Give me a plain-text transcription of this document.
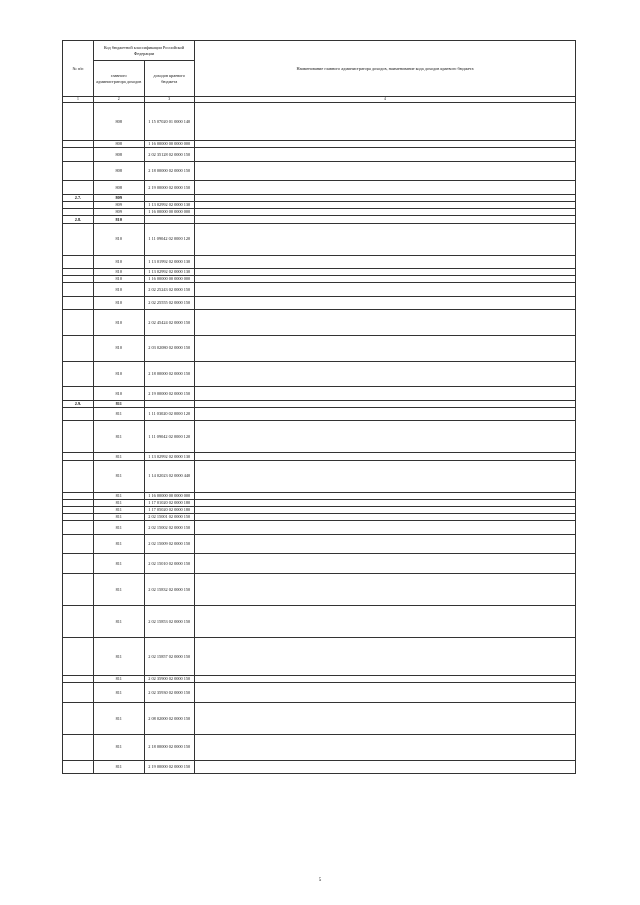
№ п/п	Код бюджетной классификации Российской Федерации		Наименование главного администратора доходов, наименование кода доходов краевого бюджета
	главного администратора доходов	доходов краевого бюджета	
1	2	3	4
	808	1 15 07020 01 0000 140	
	808	1 16 00000 00 0000 000	
	808	2 02 35128 02 0000 150	
	808	2 18 00000 02 0000 150	
	808	2 19 00000 02 0000 150	
2.7.	809		
	809	1 13 02992 02 0000 130	
	809	1 16 00000 00 0000 000	
2.8.	810		
	810	1 11 09042 02 0000 120	
	810	1 13 01992 02 0000 130	
	810	1 13 02992 02 0000 130	
	810	1 16 00000 00 0000 000	
	810	2 02 25243 02 0000 150	
	810	2 02 25555 02 0000 150	
	810	2 02 45424 02 0000 150	
	810	2 03 02080 02 0000 150	
	810	2 18 00000 02 0000 150	
	810	2 19 00000 02 0000 150	
2.9.	811		
	811	1 11 03020 02 0000 120	
	811	1 11 09042 02 0000 120	
	811	1 13 02992 02 0000 130	
	811	1 14 02023 02 0000 440	
	811	1 16 00000 00 0000 000	
	811	1 17 01020 02 0000 180	
	811	1 17 05020 02 0000 180	
	811	2 02 15001 02 0000 150	
	811	2 02 15002 02 0000 150	
	811	2 02 15009 02 0000 150	
	811	2 02 15010 02 0000 150	
	811	2 02 15832 02 0000 150	
	811	2 02 15853 02 0000 150	
	811	2 02 15857 02 0000 150	
	811	2 02 35900 02 0000 150	
	811	2 02 35930 02 0000 150	
	811	2 08 02000 02 0000 150	
	811	2 18 00000 02 0000 150	
	811	2 19 00000 02 0000 150	
5
